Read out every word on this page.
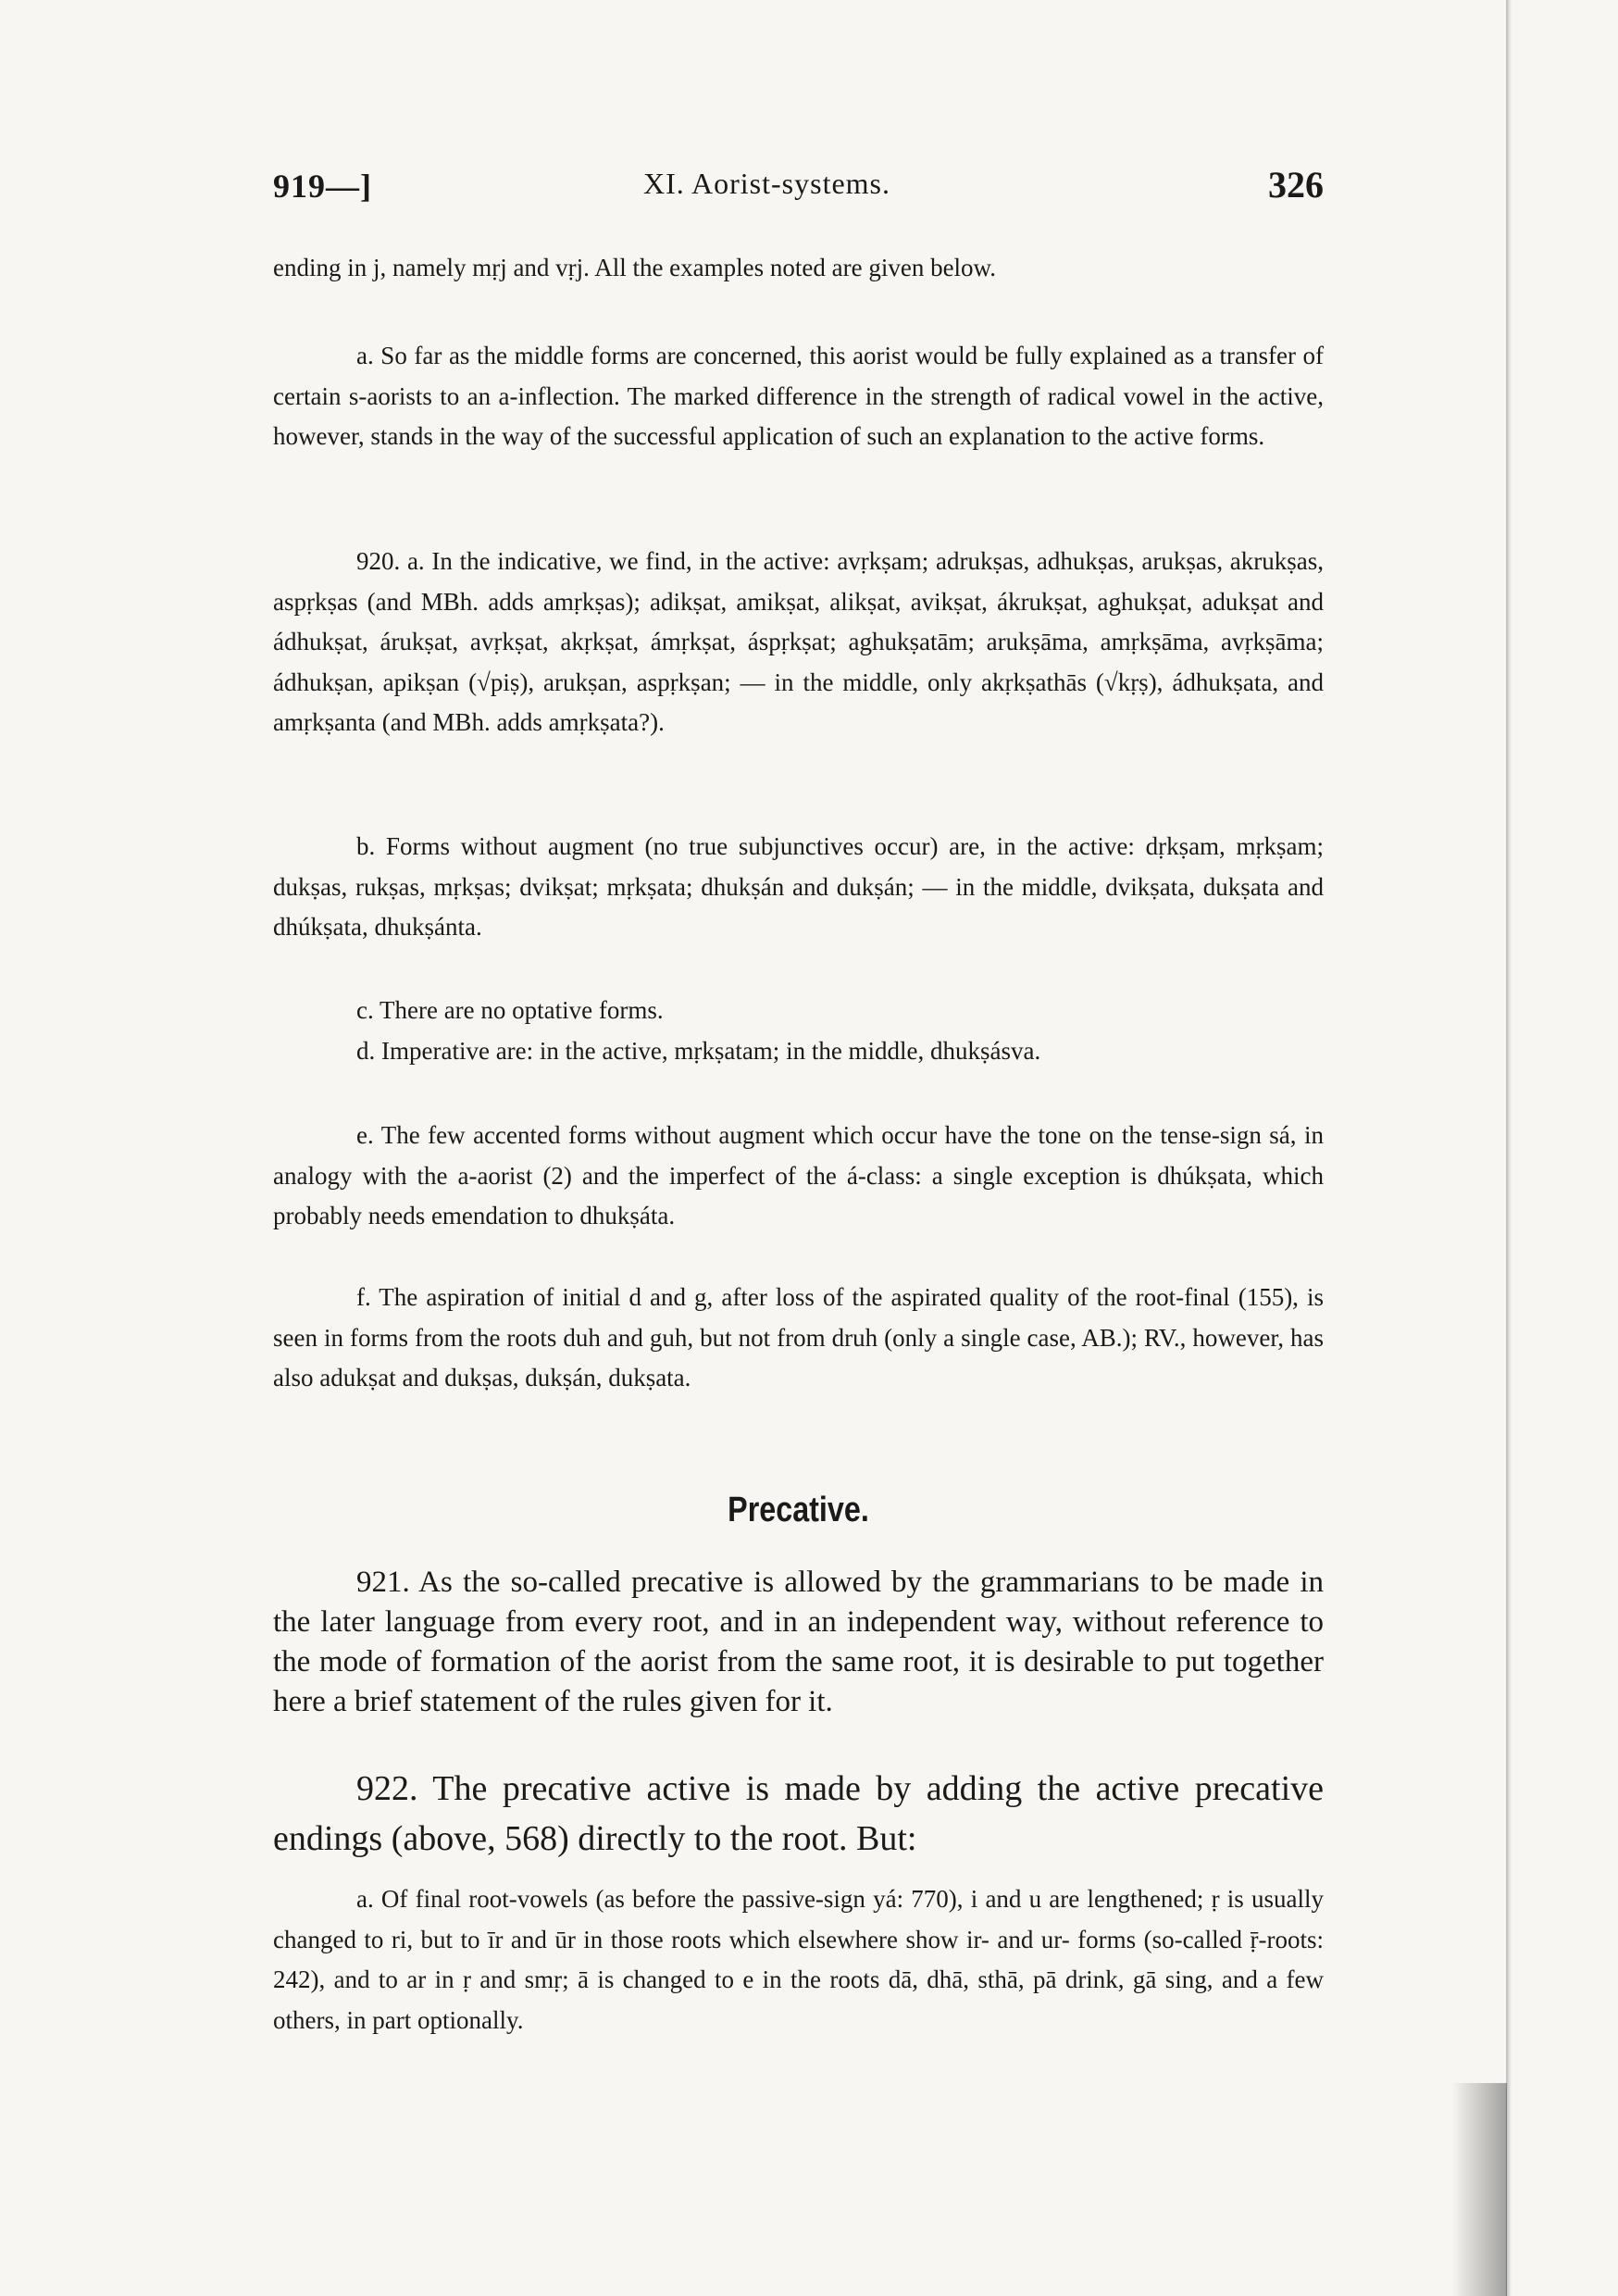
919—]	XI. Aorist-systems.	326

ending in j, namely mṛj and vṛj. All the examples noted are given below.

a. So far as the middle forms are concerned, this aorist would be fully explained as a transfer of certain s-aorists to an a-inflection. The marked difference in the strength of radical vowel in the active, however, stands in the way of the successful application of such an explanation to the active forms.

920. a. In the indicative, we find, in the active: avṛkṣam; adrukṣas, adhukṣas, arukṣas, akrukṣas, aspṛkṣas (and MBh. adds amṛkṣas); adikṣat, amikṣat, alikṣat, avikṣat, ákrukṣat, aghukṣat, adukṣat and ádhukṣat, árukṣat, avṛkṣat, akṛkṣat, ámṛkṣat, áspṛkṣat; aghukṣatām; arukṣāma, amṛkṣāma, avṛkṣāma; ádhukṣan, apikṣan (√piṣ), arukṣan, aspṛkṣan; — in the middle, only akṛkṣathās (√kṛṣ), ádhukṣata, and amṛkṣanta (and MBh. adds amṛkṣata?).

b. Forms without augment (no true subjunctives occur) are, in the active: dṛkṣam, mṛkṣam; dukṣas, rukṣas, mṛkṣas; dvikṣat; mṛkṣata; dhukṣán and dukṣán; — in the middle, dvikṣata, dukṣata and dhúkṣata, dhukṣánta.

c. There are no optative forms.

d. Imperative are: in the active, mṛkṣatam; in the middle, dhukṣásva.

e. The few accented forms without augment which occur have the tone on the tense-sign sá, in analogy with the a-aorist (2) and the imperfect of the á-class: a single exception is dhúkṣata, which probably needs emendation to dhukṣáta.

f. The aspiration of initial d and g, after loss of the aspirated quality of the root-final (155), is seen in forms from the roots duh and guh, but not from druh (only a single case, AB.); RV., however, has also adukṣat and dukṣas, dukṣán, dukṣata.

Precative.

921. As the so-called precative is allowed by the grammarians to be made in the later language from every root, and in an independent way, without reference to the mode of formation of the aorist from the same root, it is desirable to put together here a brief statement of the rules given for it.

922. The precative active is made by adding the active precative endings (above, 568) directly to the root. But:

a. Of final root-vowels (as before the passive-sign yá: 770), i and u are lengthened; ṛ is usually changed to ri, but to īr and ūr in those roots which elsewhere show ir- and ur- forms (so-called ṝ-roots: 242), and to ar in ṛ and smṛ; ā is changed to e in the roots dā, dhā, sthā, pā drink, gā sing, and a few others, in part optionally.
